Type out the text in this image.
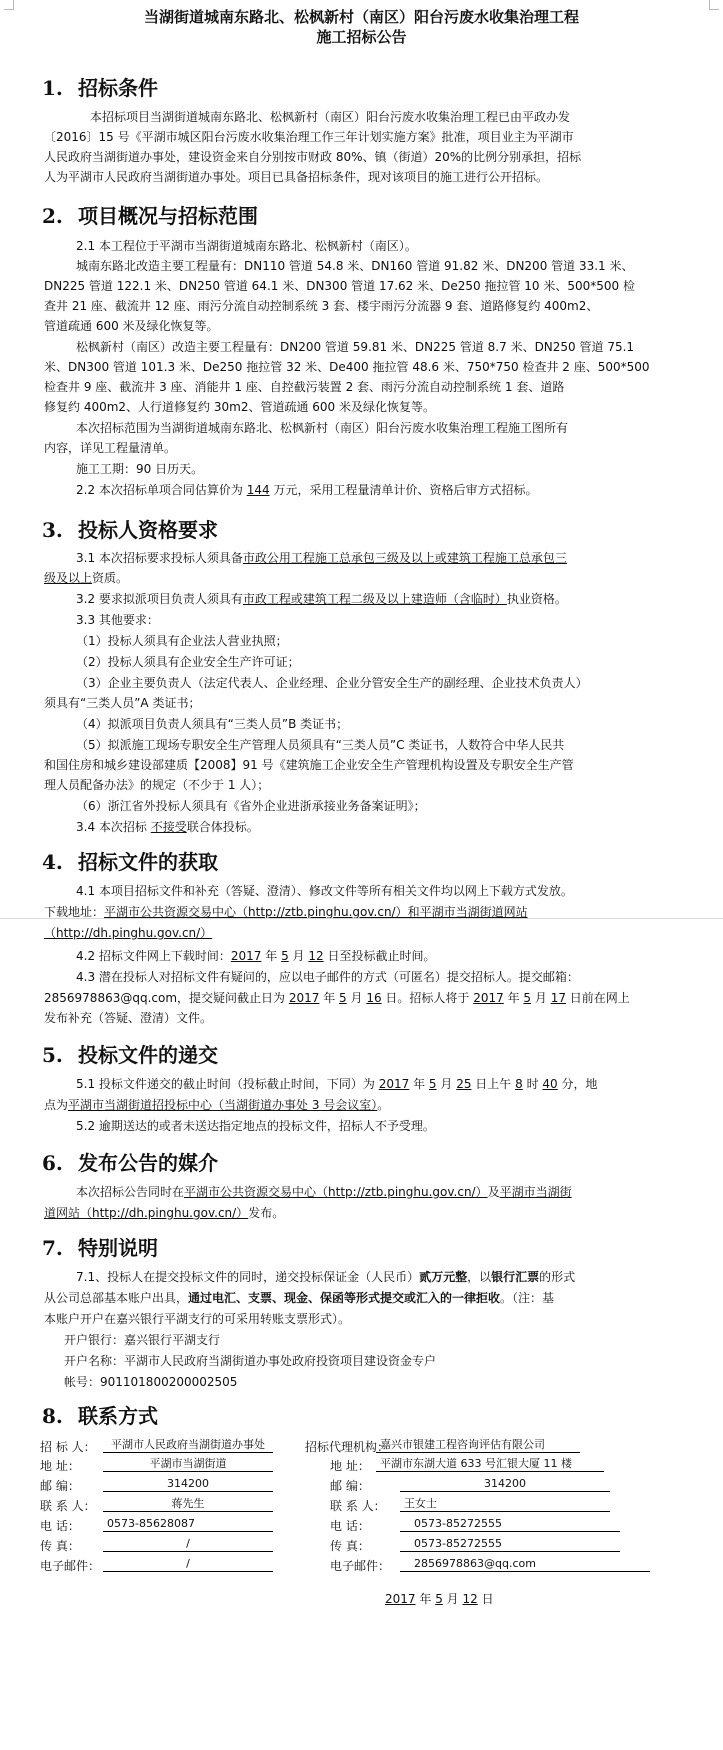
当湖街道城南东路北、松枫新村（南区）阳台污废水收集治理工程
施工招标公告
1. 招标条件
本招标项目当湖街道城南东路北、松枫新村（南区）阳台污废水收集治理工程已由平政办发
〔2016〕15 号《平湖市城区阳台污废水收集治理工作三年计划实施方案》批准，项目业主为平湖市
人民政府当湖街道办事处，建设资金来自分别按市财政 80%、镇（街道）20%的比例分别承担，招标
人为平湖市人民政府当湖街道办事处。项目已具备招标条件，现对该项目的施工进行公开招标。
2. 项目概况与招标范围
2.1 本工程位于平湖市当湖街道城南东路北、松枫新村（南区）。
城南东路北改造主要工程量有：DN110 管道 54.8 米、DN160 管道 91.82 米、DN200 管道 33.1 米、
DN225 管道 122.1 米、DN250 管道 64.1 米、DN300 管道 17.62 米、De250 拖拉管 10 米、500*500 检
查井 21 座、截流井 12 座、雨污分流自动控制系统 3 套、楼宇雨污分流器 9 套、道路修复约 400m2、
管道疏通 600 米及绿化恢复等。
松枫新村（南区）改造主要工程量有：DN200 管道 59.81 米、DN225 管道 8.7 米、DN250 管道 75.1
米、DN300 管道 101.3 米、De250 拖拉管 32 米、De400 拖拉管 48.6 米、750*750 检查井 2 座、500*500
检查井 9 座、截流井 3 座、消能井 1 座、自控截污装置 2 套、雨污分流自动控制系统 1 套、道路
修复约 400m2、人行道修复约 30m2、管道疏通 600 米及绿化恢复等。
本次招标范围为当湖街道城南东路北、松枫新村（南区）阳台污废水收集治理工程施工图所有
内容，详见工程量清单。
施工工期：90 日历天。
2.2 本次招标单项合同估算价为 144 万元，采用工程量清单计价、资格后审方式招标。
3. 投标人资格要求
3.1 本次招标要求投标人须具备市政公用工程施工总承包三级及以上或建筑工程施工总承包三
级及以上资质。
3.2 要求拟派项目负责人须具有市政工程或建筑工程二级及以上建造师（含临时）执业资格。
3.3 其他要求：
（1）投标人须具有企业法人营业执照；
（2）投标人须具有企业安全生产许可证；
（3）企业主要负责人（法定代表人、企业经理、企业分管安全生产的副经理、企业技术负责人）
须具有“三类人员”A 类证书；
（4）拟派项目负责人须具有“三类人员”B 类证书；
（5）拟派施工现场专职安全生产管理人员须具有“三类人员”C 类证书，人数符合中华人民共
和国住房和城乡建设部建质【2008】91 号《建筑施工企业安全生产管理机构设置及专职安全生产管
理人员配备办法》的规定（不少于 1 人）；
（6）浙江省外投标人须具有《省外企业进浙承接业务备案证明》；
3.4 本次招标 不接受联合体投标。
4. 招标文件的获取
4.1 本项目招标文件和补充（答疑、澄清）、修改文件等所有相关文件均以网上下载方式发放。
下载地址：平湖市公共资源交易中心（http://ztb.pinghu.gov.cn/）和平湖市当湖街道网站
（http://dh.pinghu.gov.cn/）
4.2 招标文件网上下载时间：2017 年 5 月 12 日至投标截止时间。
4.3 潜在投标人对招标文件有疑问的，应以电子邮件的方式（可匿名）提交招标人。提交邮箱：
2856978863@qq.com，提交疑问截止日为 2017 年 5 月 16 日。招标人将于 2017 年 5 月 17 日前在网上
发布补充（答疑、澄清）文件。
5. 投标文件的递交
5.1 投标文件递交的截止时间（投标截止时间，下同）为 2017 年 5 月 25 日上午 8 时 40 分，地
点为平湖市当湖街道招投标中心（当湖街道办事处 3 号会议室）。
5.2 逾期送达的或者未送达指定地点的投标文件，招标人不予受理。
6. 发布公告的媒介
本次招标公告同时在平湖市公共资源交易中心（http://ztb.pinghu.gov.cn/）及平湖市当湖街
道网站（http://dh.pinghu.gov.cn/）发布。
7. 特别说明
7.1、投标人在提交投标文件的同时，递交投标保证金（人民币）贰万元整，以银行汇票的形式
从公司总部基本账户出具，通过电汇、支票、现金、保函等形式提交或汇入的一律拒收。（注：基
本账户开户在嘉兴银行平湖支行的可采用转账支票形式）。
开户银行：嘉兴银行平湖支行
开户名称：平湖市人民政府当湖街道办事处政府投资项目建设资金专户
帐号：901101800200002505
8. 联系方式
招 标 人：	平湖市人民政府当湖街道办事处
地 址：	平湖市当湖街道
邮 编：	314200
联 系 人：	蒋先生
电 话：	0573-85628087
传 真：	/
电子邮件：	/
招标代理机构：
嘉兴市银建工程咨询评估有限公司
地 址： 平湖市东湖大道 633 号汇银大厦 11 楼
邮 编：	314200
联 系 人：	王女士
电 话：	0573-85272555
传 真：	0573-85272555
电子邮件：	2856978863@qq.com
2017 年 5 月 12 日
